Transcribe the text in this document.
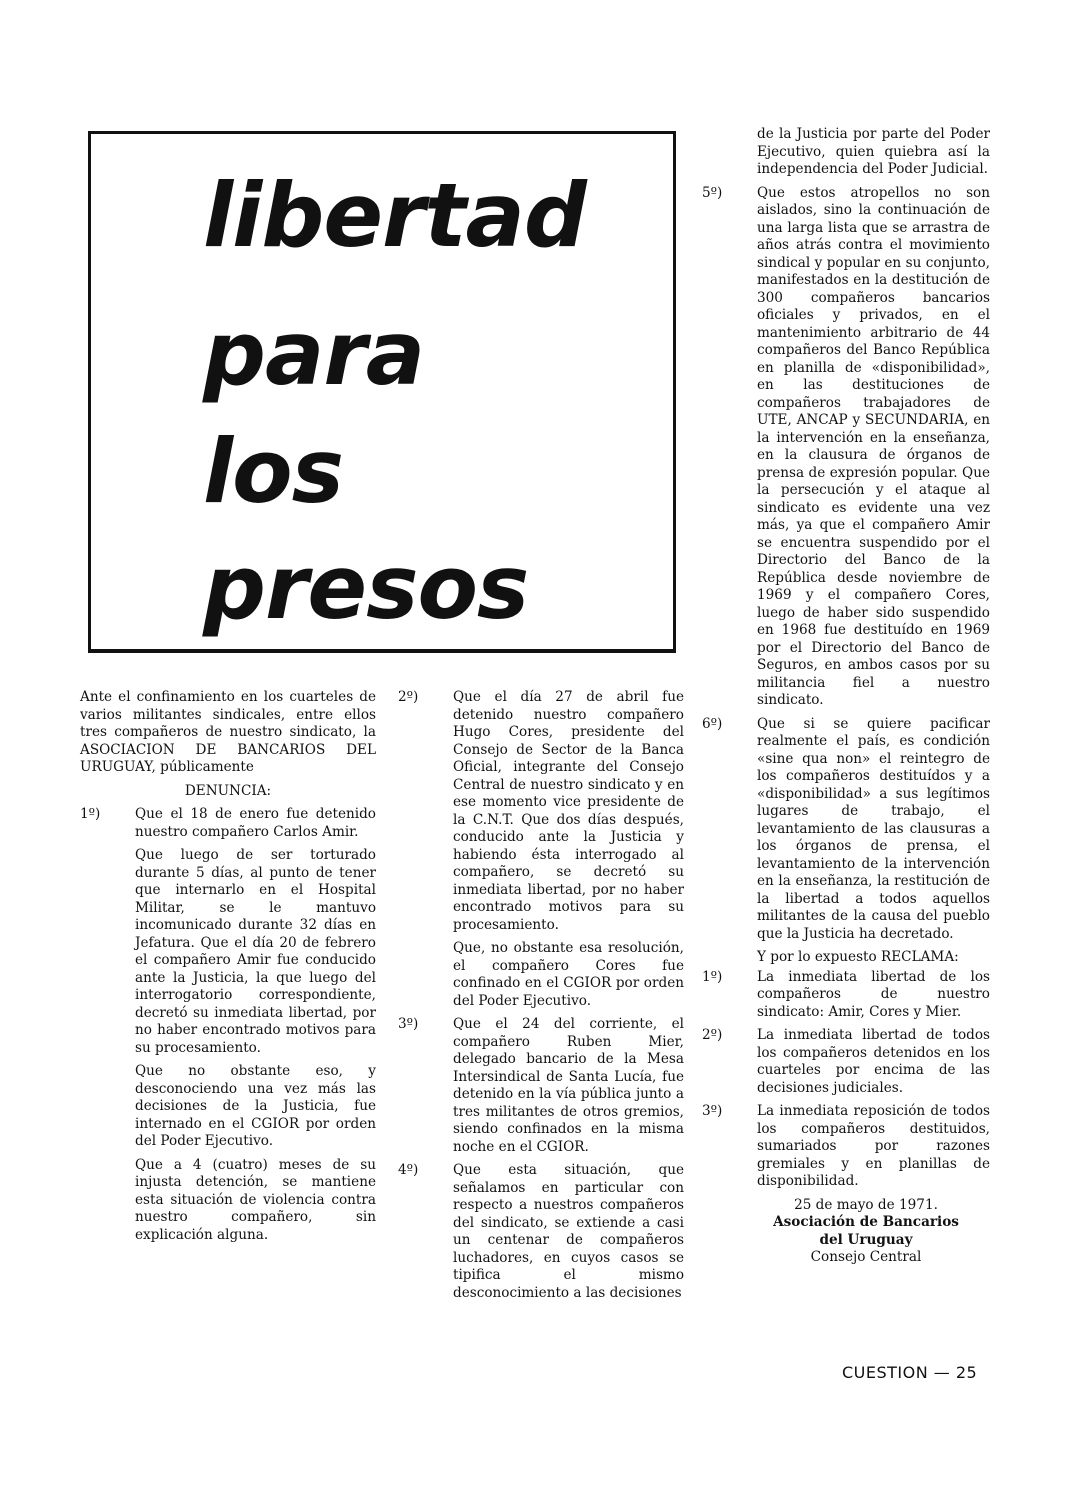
libertad
para
los
presos

Ante el confinamiento en los cuarteles de varios militantes sindicales, entre ellos tres compañeros de nuestro sindicato, la ASOCIACION DE BANCARIOS DEL URUGUAY, públicamente

DENUNCIA:

1º)	Que el 18 de enero fue detenido nuestro compañero Carlos Amir.

Que luego de ser torturado durante 5 días, al punto de tener que internarlo en el Hospital Militar, se le mantuvo incomunicado durante 32 días en Jefatura. Que el día 20 de febrero el compañero Amir fue conducido ante la Justicia, la que luego del interrogatorio correspondiente, decretó su inmediata libertad, por no haber encontrado motivos para su procesamiento.

Que no obstante eso, y desconociendo una vez más las decisiones de la Justicia, fue internado en el CGIOR por orden del Poder Ejecutivo.

Que a 4 (cuatro) meses de su injusta detención, se mantiene esta situación de violencia contra nuestro compañero, sin explicación alguna.

2º)	Que el día 27 de abril fue detenido nuestro compañero Hugo Cores, presidente del Consejo de Sector de la Banca Oficial, integrante del Consejo Central de nuestro sindicato y en ese momento vice presidente de la C.N.T. Que dos días después, conducido ante la Justicia y habiendo ésta interrogado al compañero, se decretó su inmediata libertad, por no haber encontrado motivos para su procesamiento.

Que, no obstante esa resolución, el compañero Cores fue confinado en el CGIOR por orden del Poder Ejecutivo.

3º)	Que el 24 del corriente, el compañero Ruben Mier, delegado bancario de la Mesa Intersindical de Santa Lucía, fue detenido en la vía pública junto a tres militantes de otros gremios, siendo confinados en la misma noche en el CGIOR.

4º)	Que esta situación, que señalamos en particular con respecto a nuestros compañeros del sindicato, se extiende a casi un centenar de compañeros luchadores, en cuyos casos se tipifica el mismo desconocimiento a las decisiones

de la Justicia por parte del Poder Ejecutivo, quien quiebra así la independencia del Poder Judicial.

5º)	Que estos atropellos no son aislados, sino la continuación de una larga lista que se arrastra de años atrás contra el movimiento sindical y popular en su conjunto, manifestados en la destitución de 300 compañeros bancarios oficiales y privados, en el mantenimiento arbitrario de 44 compañeros del Banco República en planilla de «disponibilidad», en las destituciones de compañeros trabajadores de UTE, ANCAP y SECUNDARIA, en la intervención en la enseñanza, en la clausura de órganos de prensa de expresión popular. Que la persecución y el ataque al sindicato es evidente una vez más, ya que el compañero Amir se encuentra suspendido por el Directorio del Banco de la República desde noviembre de 1969 y el compañero Cores, luego de haber sido suspendido en 1968 fue destituído en 1969 por el Directorio del Banco de Seguros, en ambos casos por su militancia fiel a nuestro sindicato.

6º)	Que si se quiere pacificar realmente el país, es condición «sine qua non» el reintegro de los compañeros destituídos y a «disponibilidad» a sus legítimos lugares de trabajo, el levantamiento de las clausuras a los órganos de prensa, el levantamiento de la intervención en la enseñanza, la restitución de la libertad a todos aquellos militantes de la causa del pueblo que la Justicia ha decretado.

Y por lo expuesto RECLAMA:

1º)	La inmediata libertad de los compañeros de nuestro sindicato: Amir, Cores y Mier.

2º)	La inmediata libertad de todos los compañeros detenidos en los cuarteles por encima de las decisiones judiciales.

3º)	La inmediata reposición de todos los compañeros destituidos, sumariados por razones gremiales y en planillas de disponibilidad.

25 de mayo de 1971.

Asociación de Bancarios

del Uruguay

Consejo Central

CUESTION — 25
